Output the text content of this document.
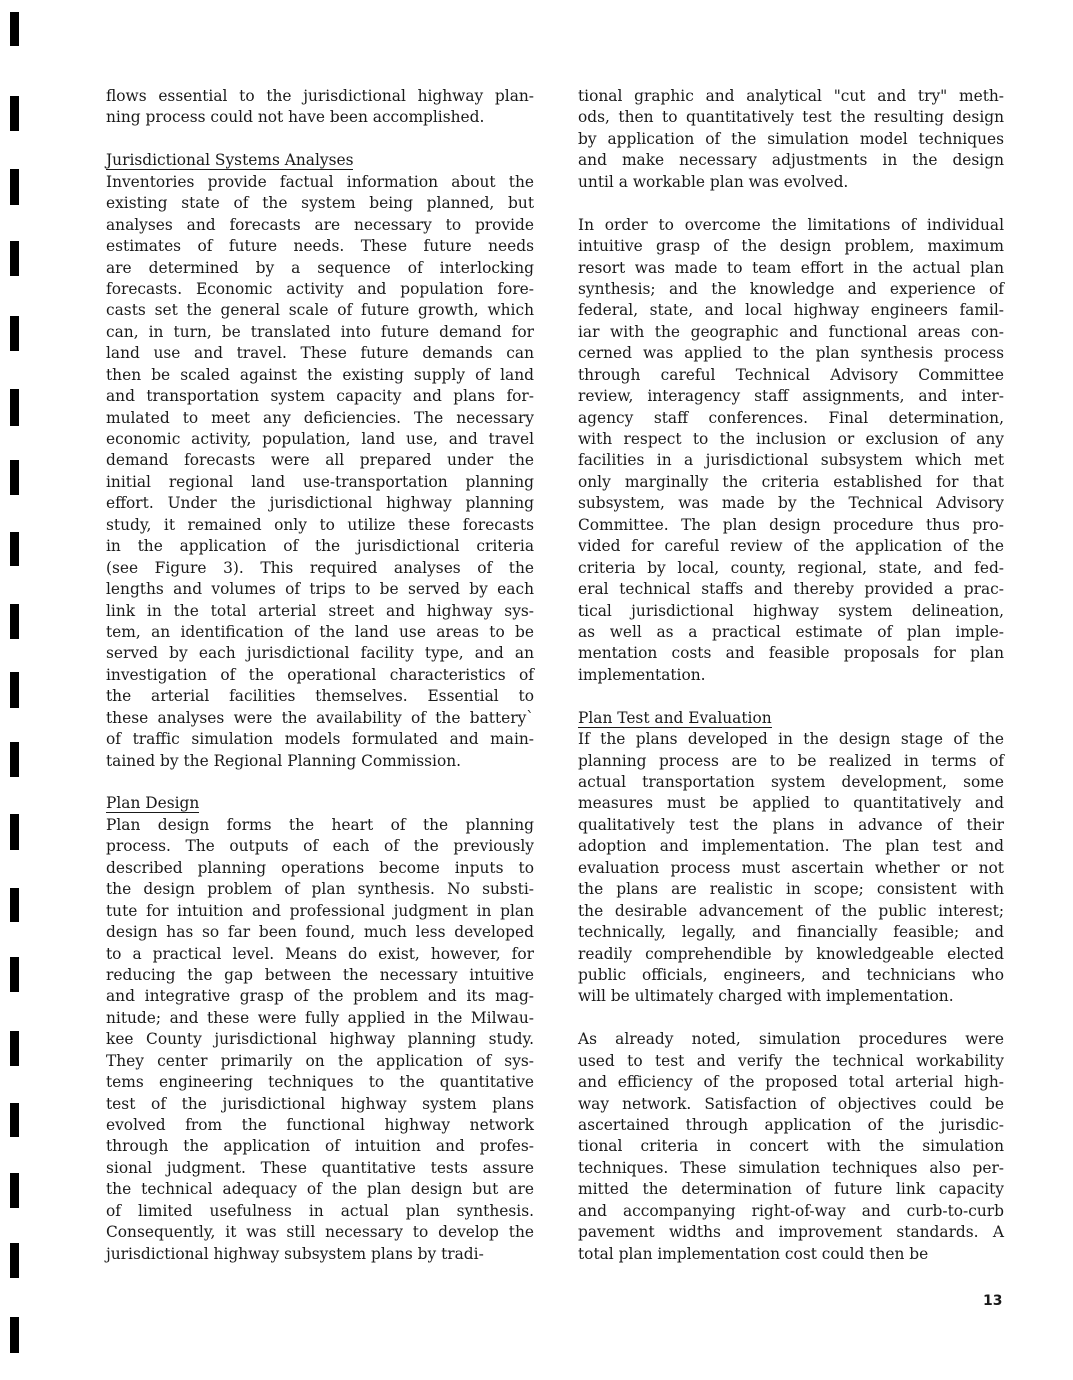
flows essential to the jurisdictional highway plan-
ning process could not have been accomplished.
Jurisdictional Systems Analyses
Inventories provide factual information about the
existing state of the system being planned, but
analyses and forecasts are necessary to provide
estimates of future needs. These future needs
are determined by a sequence of interlocking
forecasts. Economic activity and population fore-
casts set the general scale of future growth, which
can, in turn, be translated into future demand for
land use and travel. These future demands can
then be scaled against the existing supply of land
and transportation system capacity and plans for-
mulated to meet any deficiencies. The necessary
economic activity, population, land use, and travel
demand forecasts were all prepared under the
initial regional land use-transportation planning
effort. Under the jurisdictional highway planning
study, it remained only to utilize these forecasts
in the application of the jurisdictional criteria
(see Figure 3). This required analyses of the
lengths and volumes of trips to be served by each
link in the total arterial street and highway sys-
tem, an identification of the land use areas to be
served by each jurisdictional facility type, and an
investigation of the operational characteristics of
the arterial facilities themselves. Essential to
these analyses were the availability of the battery`
of traffic simulation models formulated and main-
tained by the Regional Planning Commission.
Plan Design
Plan design forms the heart of the planning
process. The outputs of each of the previously
described planning operations become inputs to
the design problem of plan synthesis. No substi-
tute for intuition and professional judgment in plan
design has so far been found, much less developed
to a practical level. Means do exist, however, for
reducing the gap between the necessary intuitive
and integrative grasp of the problem and its mag-
nitude; and these were fully applied in the Milwau-
kee County jurisdictional highway planning study.
They center primarily on the application of sys-
tems engineering techniques to the quantitative
test of the jurisdictional highway system plans
evolved from the functional highway network
through the application of intuition and profes-
sional judgment. These quantitative tests assure
the technical adequacy of the plan design but are
of limited usefulness in actual plan synthesis.
Consequently, it was still necessary to develop the
jurisdictional highway subsystem plans by tradi-
tional graphic and analytical "cut and try" meth-
ods, then to quantitatively test the resulting design
by application of the simulation model techniques
and make necessary adjustments in the design
until a workable plan was evolved.
In order to overcome the limitations of individual
intuitive grasp of the design problem, maximum
resort was made to team effort in the actual plan
synthesis; and the knowledge and experience of
federal, state, and local highway engineers famil-
iar with the geographic and functional areas con-
cerned was applied to the plan synthesis process
through careful Technical Advisory Committee
review, interagency staff assignments, and inter-
agency staff conferences. Final determination,
with respect to the inclusion or exclusion of any
facilities in a jurisdictional subsystem which met
only marginally the criteria established for that
subsystem, was made by the Technical Advisory
Committee. The plan design procedure thus pro-
vided for careful review of the application of the
criteria by local, county, regional, state, and fed-
eral technical staffs and thereby provided a prac-
tical jurisdictional highway system delineation,
as well as a practical estimate of plan imple-
mentation costs and feasible proposals for plan
implementation.
Plan Test and Evaluation
If the plans developed in the design stage of the
planning process are to be realized in terms of
actual transportation system development, some
measures must be applied to quantitatively and
qualitatively test the plans in advance of their
adoption and implementation. The plan test and
evaluation process must ascertain whether or not
the plans are realistic in scope; consistent with
the desirable advancement of the public interest;
technically, legally, and financially feasible; and
readily comprehendible by knowledgeable elected
public officials, engineers, and technicians who
will be ultimately charged with implementation.
As already noted, simulation procedures were
used to test and verify the technical workability
and efficiency of the proposed total arterial high-
way network. Satisfaction of objectives could be
ascertained through application of the jurisdic-
tional criteria in concert with the simulation
techniques. These simulation techniques also per-
mitted the determination of future link capacity
and accompanying right-of-way and curb-to-curb
pavement widths and improvement standards. A
total plan implementation cost could then be
13
